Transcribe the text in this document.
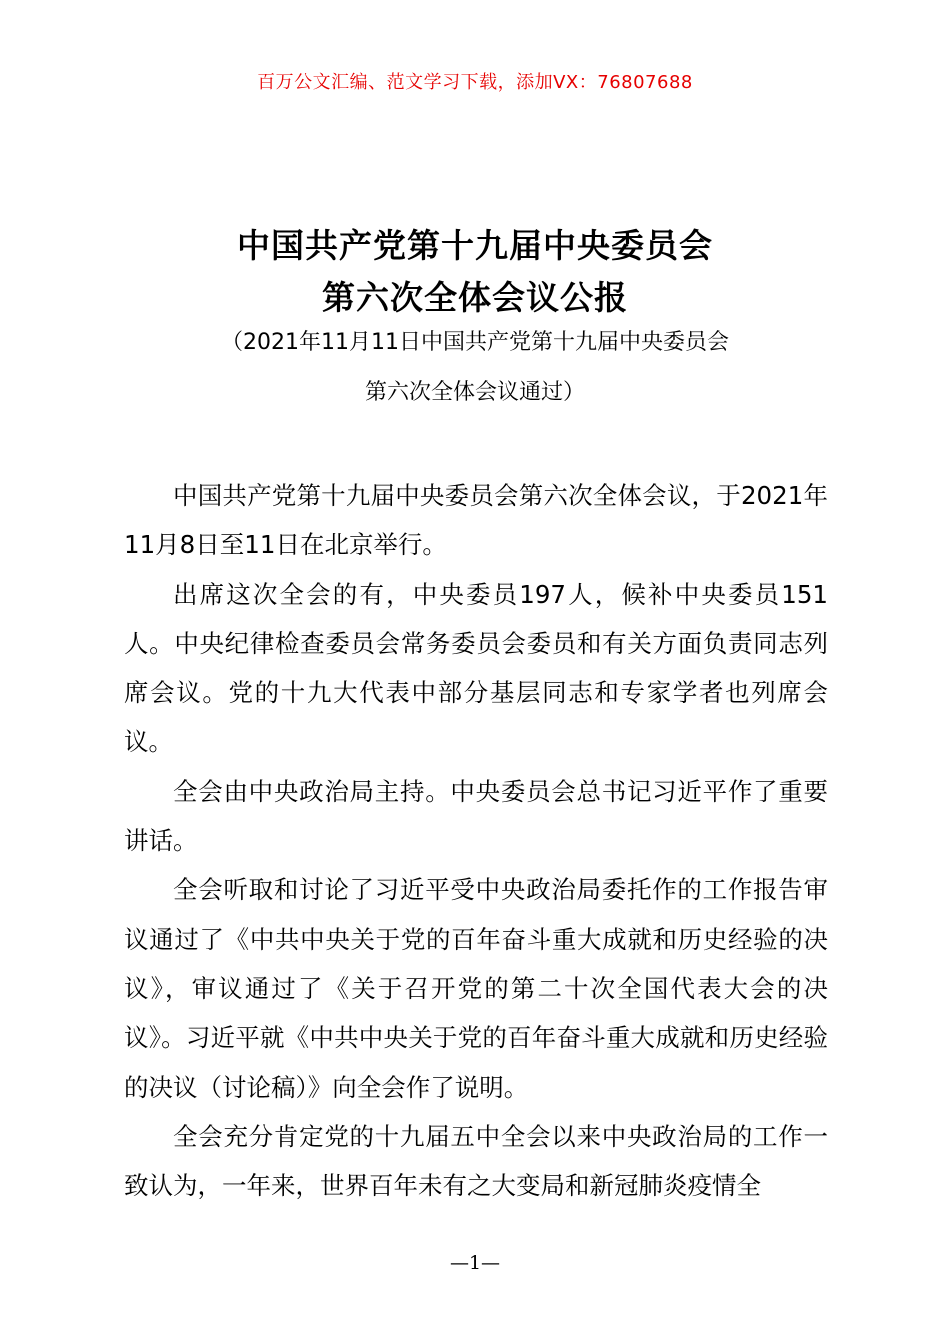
百万公文汇编、范文学习下载，添加VX：76807688
中国共产党第十九届中央委员会
第六次全体会议公报
（2021年11月11日中国共产党第十九届中央委员会
第六次全体会议通过）

中国共产党第十九届中央委员会第六次全体会议，于2021年11月8日至11日在北京举行。

出席这次全会的有，中央委员197人，候补中央委员151人。中央纪律检查委员会常务委员会委员和有关方面负责同志列席会议。党的十九大代表中部分基层同志和专家学者也列席会议。

全会由中央政治局主持。中央委员会总书记习近平作了重要讲话。

全会听取和讨论了习近平受中央政治局委托作的工作报告审议通过了《中共中央关于党的百年奋斗重大成就和历史经验的决议》，审议通过了《关于召开党的第二十次全国代表大会的决议》。习近平就《中共中央关于党的百年奋斗重大成就和历史经验的决议（讨论稿）》向全会作了说明。

全会充分肯定党的十九届五中全会以来中央政治局的工作一致认为，一年来，世界百年未有之大变局和新冠肺炎疫情全

—1—
